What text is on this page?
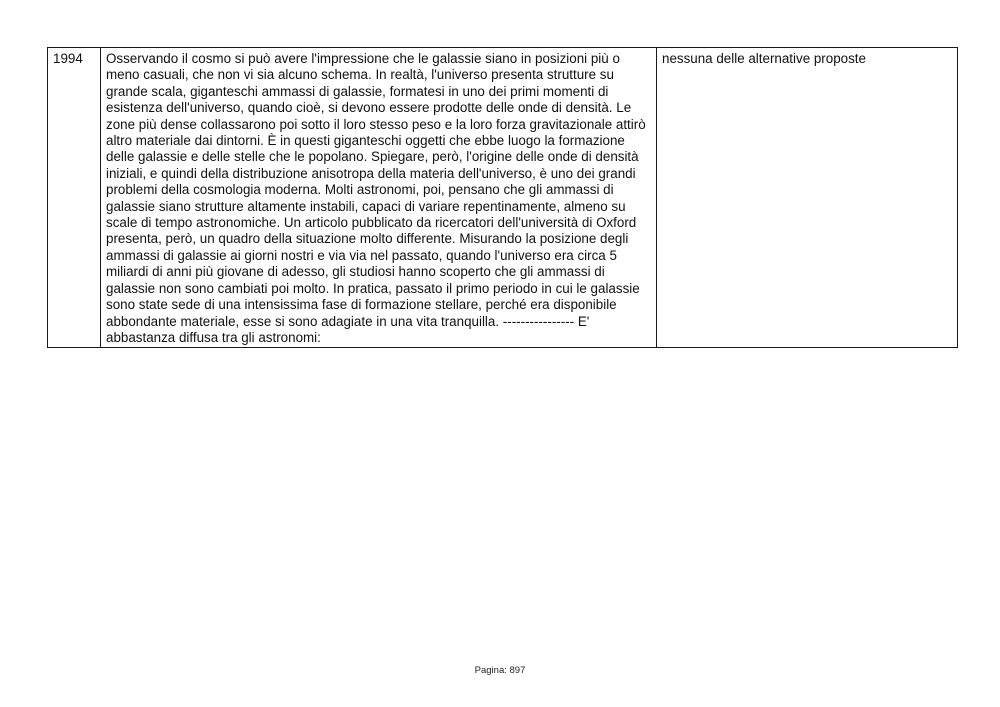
1994	Osservando il cosmo si può avere l'impressione che le galassie siano in posizioni più o meno casuali, che non vi sia alcuno schema. In realtà, l'universo presenta strutture su grande scala, giganteschi ammassi di galassie, formatesi in uno dei primi momenti di esistenza dell'universo, quando cioè, si devono essere prodotte delle onde di densità. Le zone più dense collassarono poi sotto il loro stesso peso e la loro forza gravitazionale attirò altro materiale dai dintorni. È in questi giganteschi oggetti che ebbe luogo la formazione delle galassie e delle stelle che le popolano. Spiegare, però, l'origine delle onde di densità iniziali, e quindi della distribuzione anisotropa della materia dell'universo, è uno dei grandi problemi della cosmologia moderna. Molti astronomi, poi, pensano che gli ammassi di galassie siano strutture altamente instabili, capaci di variare repentinamente, almeno su scale di tempo astronomiche. Un articolo pubblicato da ricercatori dell'università di Oxford presenta, però, un quadro della situazione molto differente. Misurando la posizione degli ammassi di galassie ai giorni nostri e via via nel passato, quando l'universo era circa 5 miliardi di anni più giovane di adesso, gli studiosi hanno scoperto che gli ammassi di galassie non sono cambiati poi molto. In pratica, passato il primo periodo in cui le galassie sono state sede di una intensissima fase di formazione stellare, perché era disponibile abbondante materiale, esse si sono adagiate in una vita tranquilla. ---------------- E' abbastanza diffusa tra gli astronomi:	nessuna delle alternative proposte
Pagina: 897
